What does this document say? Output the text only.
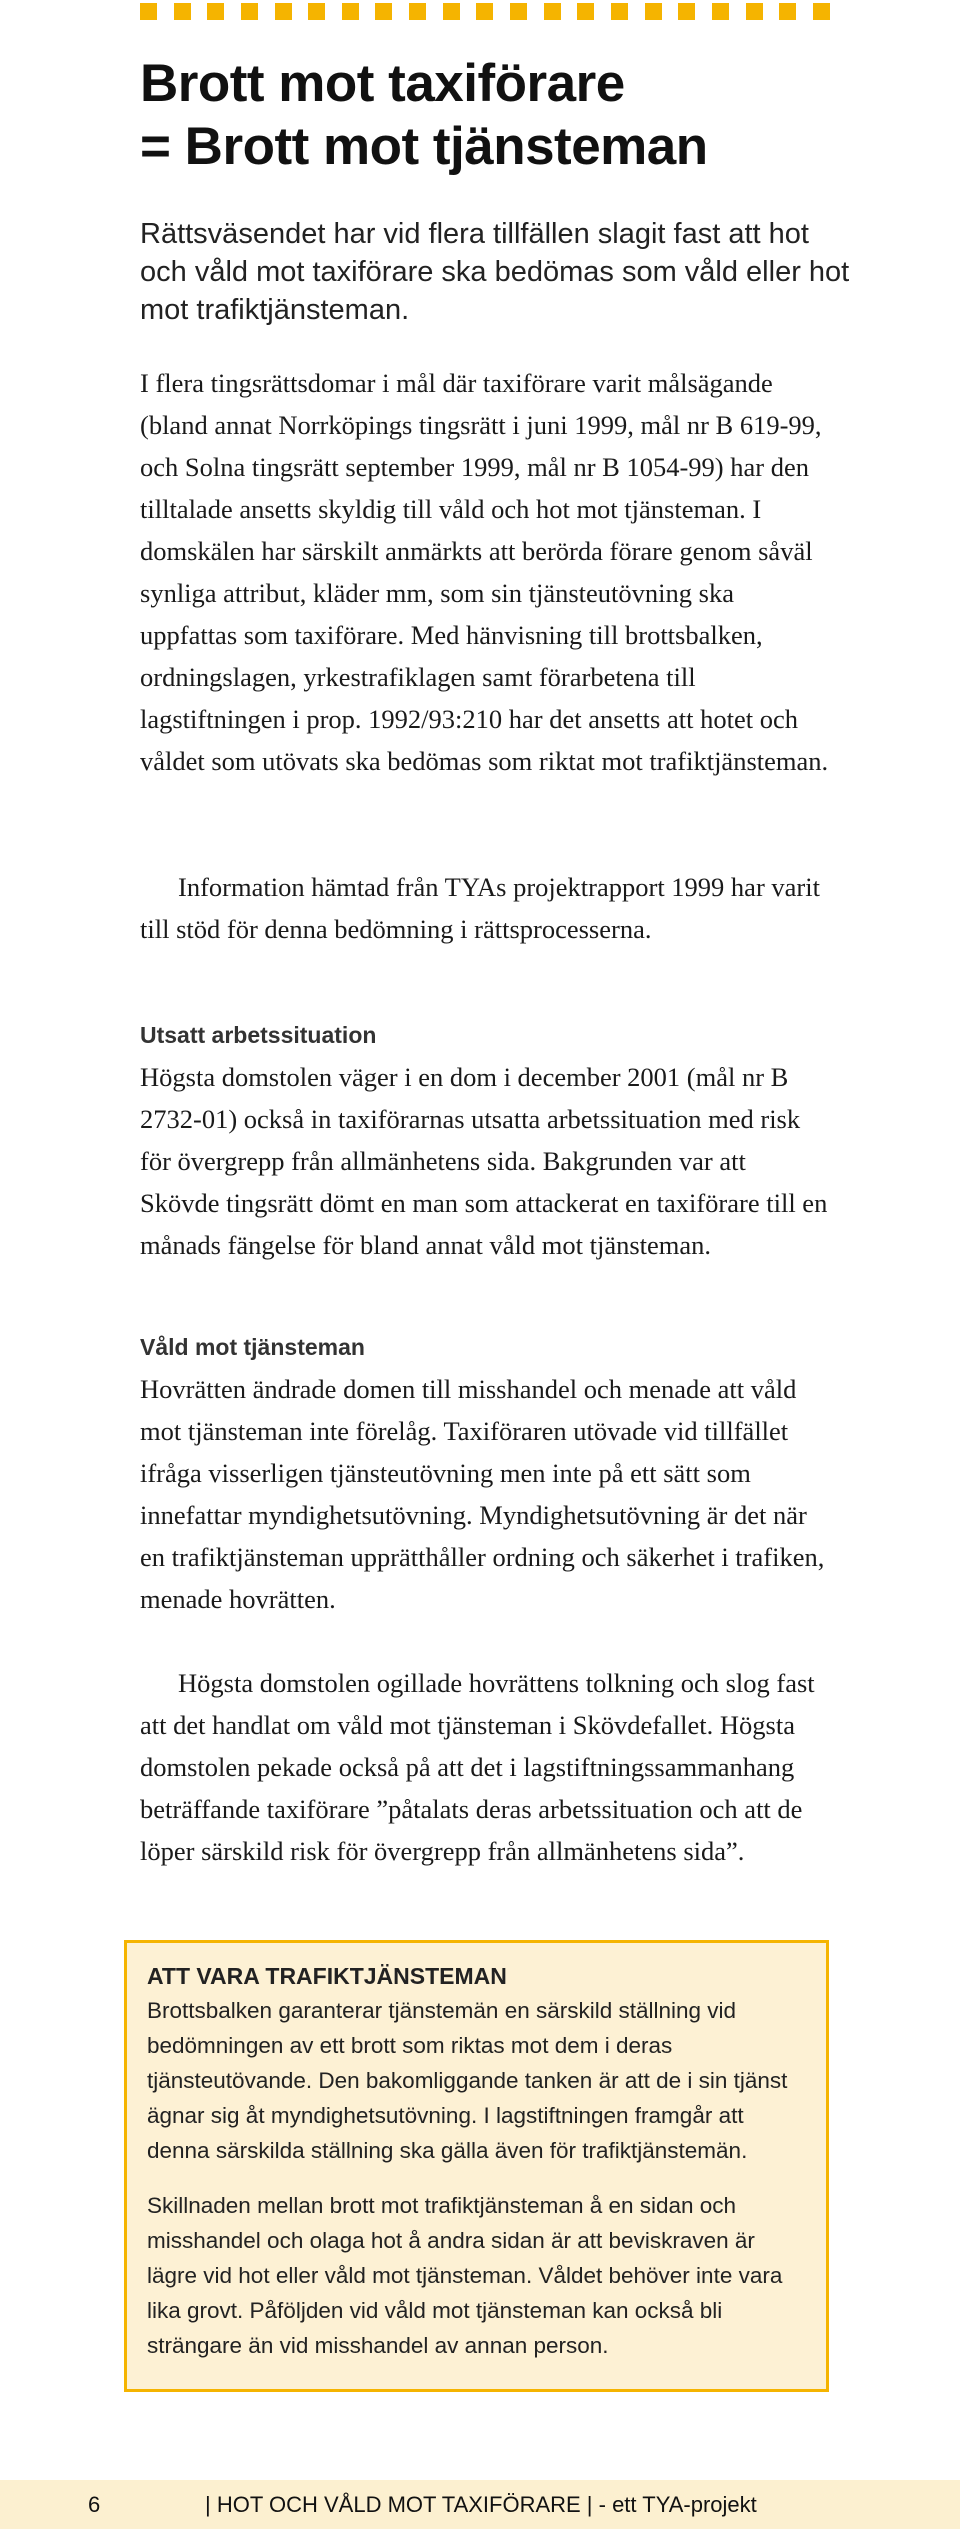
Brott mot taxiförare
= Brott mot tjänsteman

Rättsväsendet har vid flera tillfällen slagit fast att hot och våld mot taxiförare ska bedömas som våld eller hot mot trafiktjänsteman.

I flera tingsrättsdomar i mål där taxiförare varit målsägande (bland annat Norrköpings tingsrätt i juni 1999, mål nr B 619-99, och Solna tingsrätt september 1999, mål nr B 1054-99) har den tilltalade ansetts skyldig till våld och hot mot tjänsteman. I domskälen har särskilt anmärkts att berörda förare genom såväl synliga attribut, kläder mm, som sin tjänsteutövning ska uppfattas som taxiförare. Med hänvisning till brottsbalken, ordningslagen, yrkestrafiklagen samt förarbetena till lagstiftningen i prop. 1992/93:210 har det ansetts att hotet och våldet som utövats ska bedömas som riktat mot trafiktjänsteman.

Information hämtad från TYAs projektrapport 1999 har varit till stöd för denna bedömning i rättsprocesserna.

Utsatt arbetssituation

Högsta domstolen väger i en dom i december 2001 (mål nr B 2732-01) också in taxiförarnas utsatta arbetssituation med risk för övergrepp från allmänhetens sida. Bakgrunden var att Skövde tingsrätt dömt en man som attackerat en taxiförare till en månads fängelse för bland annat våld mot tjänsteman.

Våld mot tjänsteman

Hovrätten ändrade domen till misshandel och menade att våld mot tjänsteman inte förelåg. Taxiföraren utövade vid tillfället ifråga visserligen tjänsteutövning men inte på ett sätt som innefattar myndighetsutövning. Myndighetsutövning är det när en trafiktjänsteman upprätthåller ordning och säkerhet i trafiken, menade hovrätten.

Högsta domstolen ogillade hovrättens tolkning och slog fast att det handlat om våld mot tjänsteman i Skövdefallet. Högsta domstolen pekade också på att det i lagstiftningssammanhang beträffande taxiförare ”påtalats deras arbetssituation och att de löper särskild risk för övergrepp från allmänhetens sida”.

ATT VARA TRAFIKTJÄNSTEMAN

Brottsbalken garanterar tjänstemän en särskild ställning vid bedömningen av ett brott som riktas mot dem i deras tjänsteutövande. Den bakomliggande tanken är att de i sin tjänst ägnar sig åt myndighetsutövning. I lagstiftningen framgår att denna särskilda ställning ska gälla även för trafiktjänstemän.

Skillnaden mellan brott mot trafiktjänsteman å en sidan och misshandel och olaga hot å andra sidan är att beviskraven är lägre vid hot eller våld mot tjänsteman. Våldet behöver inte vara lika grovt. Påföljden vid våld mot tjänsteman kan också bli strängare än vid misshandel av annan person.

6	| HOT OCH VÅLD MOT TAXIFÖRARE | - ett TYA-projekt
